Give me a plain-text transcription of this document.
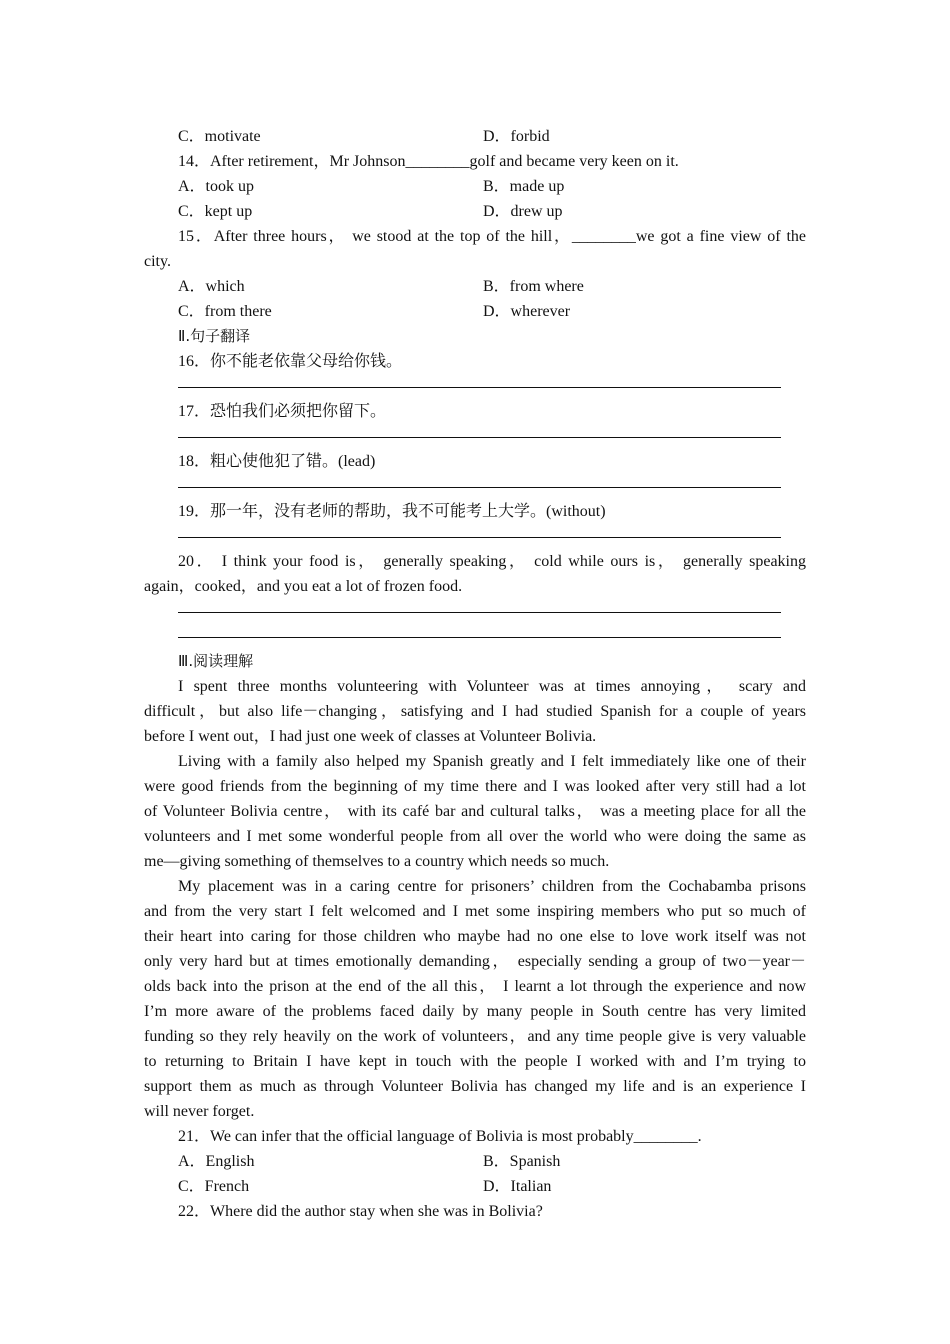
C．motivate	D．forbid
14．After retirement，Mr Johnson________golf and became very keen on it.
A．took up	B．made up
C．kept up	D．drew up
15．After three hours， we stood at the top of the hill，________we got a fine view of the
city.
A．which	B．from where
C．from there	D．wherever
Ⅱ.句子翻译
16．你不能老依靠父母给你钱。
17．恐怕我们必须把你留下。
18．粗心使他犯了错。(lead)
19．那一年，没有老师的帮助，我不可能考上大学。(without)
20． I think your food is， generally speaking， cold while ours is， generally speaking
again，cooked，and you eat a lot of frozen food.
Ⅲ.阅读理解
I spent three months volunteering with Volunteer was at times annoying， scary and
difficult，but also life－changing，satisfying and I had studied Spanish for a couple of years
before I went out，I had just one week of classes at Volunteer Bolivia.
Living with a family also helped my Spanish greatly and I felt immediately like one of their
were good friends from the beginning of my time there and I was looked after very still had a lot
of Volunteer Bolivia centre， with its café bar and cultural talks， was a meeting place for all the
volunteers and I met some wonderful people from all over the world who were doing the same as
me—giving something of themselves to a country which needs so much.
My placement was in a caring centre for prisoners’ children from the Cochabamba prisons
and from the very start I felt welcomed and I met some inspiring members who put so much of
their heart into caring for those children who maybe had no one else to love work itself was not
only very hard but at times emotionally demanding， especially sending a group of two－year－
olds back into the prison at the end of the all this， I learnt a lot through the experience and now
I’m more aware of the problems faced daily by many people in South centre has very limited
funding so they rely heavily on the work of volunteers，and any time people give is very valuable
to returning to Britain I have kept in touch with the people I worked with and I’m trying to
support them as much as through Volunteer Bolivia has changed my life and is an experience I
will never forget.
21．We can infer that the official language of Bolivia is most probably________.
A．English	B．Spanish
C．French	D．Italian
22．Where did the author stay when she was in Bolivia?
